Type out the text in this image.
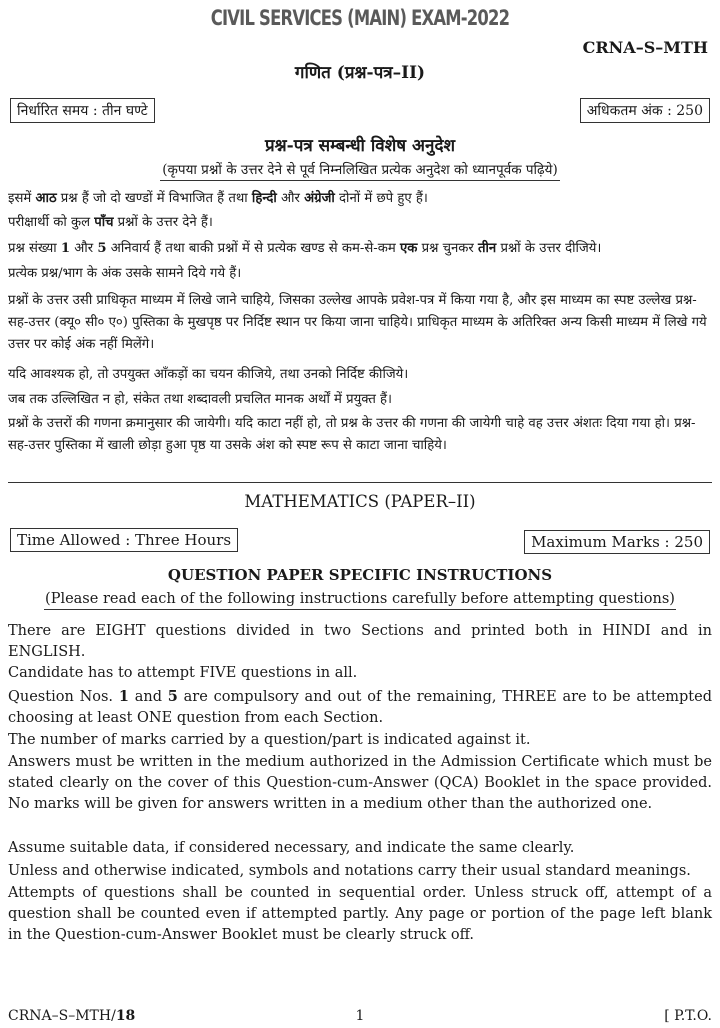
CIVIL SERVICES (MAIN) EXAM-2022
CRNA–S–MTH
गणित (प्रश्न-पत्र–II)
निर्धारित समय : तीन घण्टे	अधिकतम अंक : 250
प्रश्न-पत्र सम्बन्धी विशेष अनुदेश
(कृपया प्रश्नों के उत्तर देने से पूर्व निम्नलिखित प्रत्येक अनुदेश को ध्यानपूर्वक पढ़िये)
इसमें आठ प्रश्न हैं जो दो खण्डों में विभाजित हैं तथा हिन्दी और अंग्रेजी दोनों में छपे हुए हैं।
परीक्षार्थी को कुल पाँच प्रश्नों के उत्तर देने हैं।
प्रश्न संख्या 1 और 5 अनिवार्य हैं तथा बाकी प्रश्नों में से प्रत्येक खण्ड से कम-से-कम एक प्रश्न चुनकर तीन प्रश्नों के उत्तर दीजिये।
प्रत्येक प्रश्न/भाग के अंक उसके सामने दिये गये हैं।
प्रश्नों के उत्तर उसी प्राधिकृत माध्यम में लिखे जाने चाहिये, जिसका उल्लेख आपके प्रवेश-पत्र में किया गया है, और इस माध्यम का स्पष्ट उल्लेख प्रश्न-सह-उत्तर (क्यू० सी० ए०) पुस्तिका के मुखपृष्ठ पर निर्दिष्ट स्थान पर किया जाना चाहिये। प्राधिकृत माध्यम के अतिरिक्त अन्य किसी माध्यम में लिखे गये उत्तर पर कोई अंक नहीं मिलेंगे।
यदि आवश्यक हो, तो उपयुक्त आँकड़ों का चयन कीजिये, तथा उनको निर्दिष्ट कीजिये।
जब तक उल्लिखित न हो, संकेत तथा शब्दावली प्रचलित मानक अर्थों में प्रयुक्त हैं।
प्रश्नों के उत्तरों की गणना क्रमानुसार की जायेगी। यदि काटा नहीं हो, तो प्रश्न के उत्तर की गणना की जायेगी चाहे वह उत्तर अंशतः दिया गया हो। प्रश्न-सह-उत्तर पुस्तिका में खाली छोड़ा हुआ पृष्ठ या उसके अंश को स्पष्ट रूप से काटा जाना चाहिये।
MATHEMATICS (PAPER–II)
Time Allowed : Three Hours	Maximum Marks : 250
QUESTION PAPER SPECIFIC INSTRUCTIONS
(Please read each of the following instructions carefully before attempting questions)
There are EIGHT questions divided in two Sections and printed both in HINDI and in ENGLISH.
Candidate has to attempt FIVE questions in all.
Question Nos. 1 and 5 are compulsory and out of the remaining, THREE are to be attempted choosing at least ONE question from each Section.
The number of marks carried by a question/part is indicated against it.
Answers must be written in the medium authorized in the Admission Certificate which must be stated clearly on the cover of this Question-cum-Answer (QCA) Booklet in the space provided. No marks will be given for answers written in a medium other than the authorized one.
Assume suitable data, if considered necessary, and indicate the same clearly.
Unless and otherwise indicated, symbols and notations carry their usual standard meanings.
Attempts of questions shall be counted in sequential order. Unless struck off, attempt of a question shall be counted even if attempted partly. Any page or portion of the page left blank in the Question-cum-Answer Booklet must be clearly struck off.
CRNA–S–MTH/18	1	[ P.T.O.
